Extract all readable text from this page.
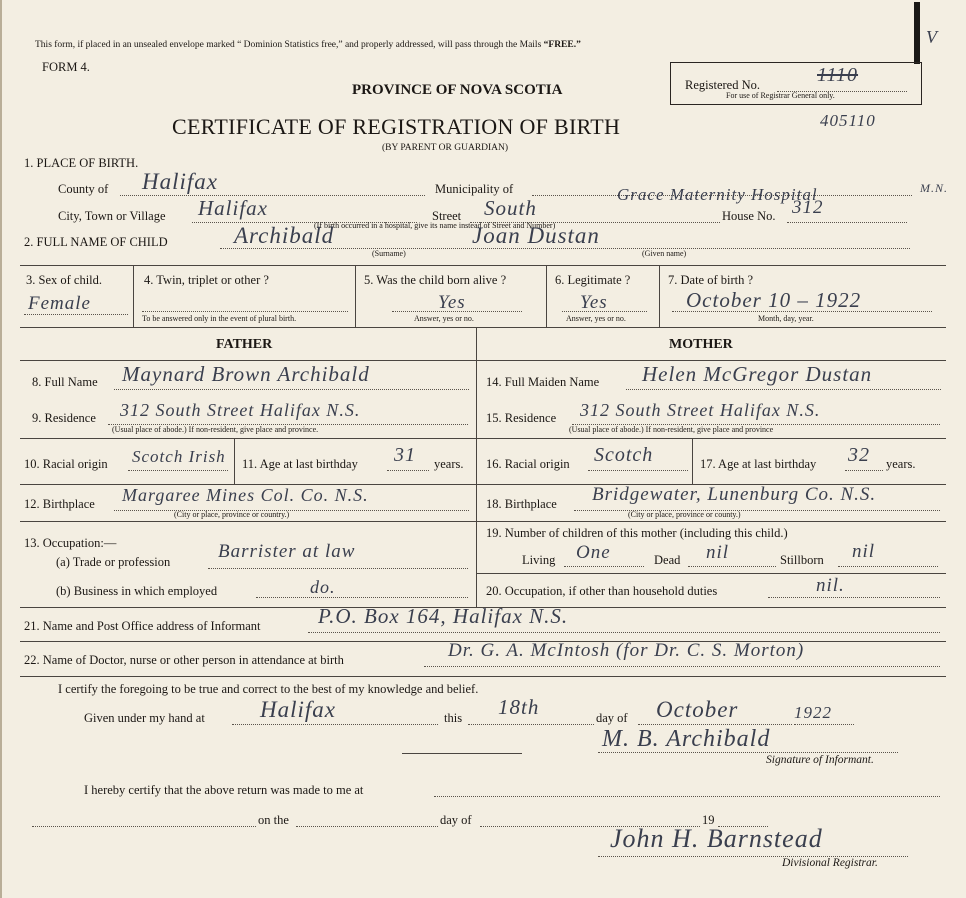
V
This form, if placed in an unsealed envelope marked “ Dominion Statistics free,” and properly addressed, will pass through the Mails “FREE.”
FORM 4.
PROVINCE OF NOVA SCOTIA	Registered No.	1110
For use of Registrar General only.
CERTIFICATE OF REGISTRATION OF BIRTH	405110
(BY PARENT OR GUARDIAN)
1. PLACE OF BIRTH.
County of Halifax	Municipality of	M.N.
City, Town or Village Halifax	Street South
Grace Maternity Hospital
House No. 312
(If birth occurred in a hospital, give its name instead of Street and Number)
2. FULL NAME OF CHILD	Archibald	Joan Dustan
(Surname)	(Given name)
3. Sex of child.
Female
4. Twin, triplet or other ?
To be answered only in the event of plural birth.
5. Was the child born alive ?
Yes
Answer, yes or no.
6. Legitimate ?
Yes
Answer, yes or no.
7. Date of birth ?
October 10 – 1922
Month, day, year.
FATHER	MOTHER
8. Full Name Maynard Brown Archibald	14. Full Maiden Name Helen McGregor Dustan
9. Residence 312 South Street Halifax N.S.
(Usual place of abode.) If non-resident, give place and province.
15. Residence 312 South Street Halifax N.S.
(Usual place of abode.) If non-resident, give place and province
10. Racial origin Scotch Irish 11. Age at last birthday 31 years. 16. Racial origin Scotch	17. Age at last birthday 32 years.
12. Birthplace Margaree Mines Col. Co. N.S.
(City or place, province or country.)
18. Birthplace Bridgewater, Lunenburg Co. N.S.
(City or place, province or county.)
13. Occupation:—
(a) Trade or profession	Barrister at law
(b) Business in which employed	do.
19. Number of children of this mother (including this child.)
Living One	Dead nil	Stillborn nil
20. Occupation, if other than household duties	nil.
21. Name and Post Office address of Informant	P.O. Box 164, Halifax N.S.
22. Name of Doctor, nurse or other person in attendance at birth	Dr. G. A. McIntosh (for Dr. C. S. Morton)
I certify the foregoing to be true and correct to the best of my knowledge and belief.
Given under my hand at Halifax	this 18th	day of October	1922
M. B. Archibald
Signature of Informant.
I hereby certify that the above return was made to me at
on the	day of	19
John H. Barnstead
Divisional Registrar.
